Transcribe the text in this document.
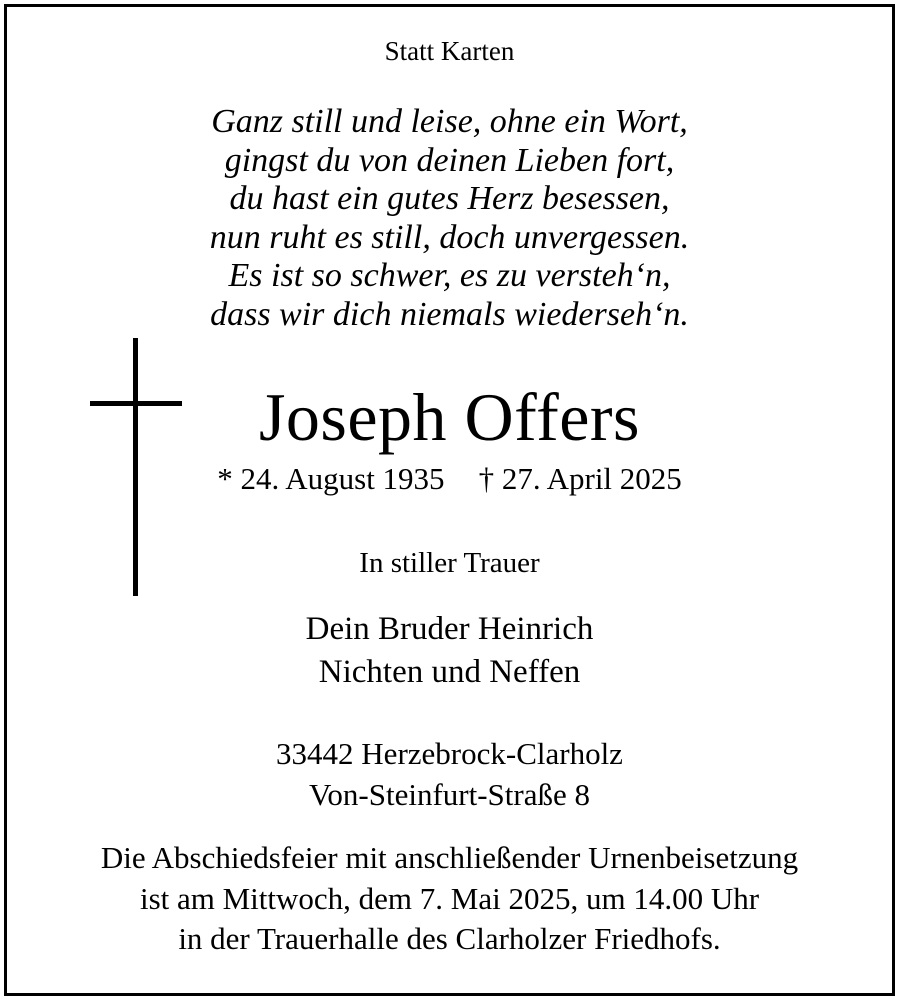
Statt Karten
Ganz still und leise, ohne ein Wort,
gingst du von deinen Lieben fort,
du hast ein gutes Herz besessen,
nun ruht es still, doch unvergessen.
Es ist so schwer, es zu versteh‘n,
dass wir dich niemals wiederseh‘n.
Joseph Offers
* 24. August 1935 † 27. April 2025
In stiller Trauer
Dein Bruder Heinrich
Nichten und Neffen
33442 Herzebrock-Clarholz
Von-Steinfurt-Straße 8
Die Abschiedsfeier mit anschließender Urnenbeisetzung
ist am Mittwoch, dem 7. Mai 2025, um 14.00 Uhr
in der Trauerhalle des Clarholzer Friedhofs.
